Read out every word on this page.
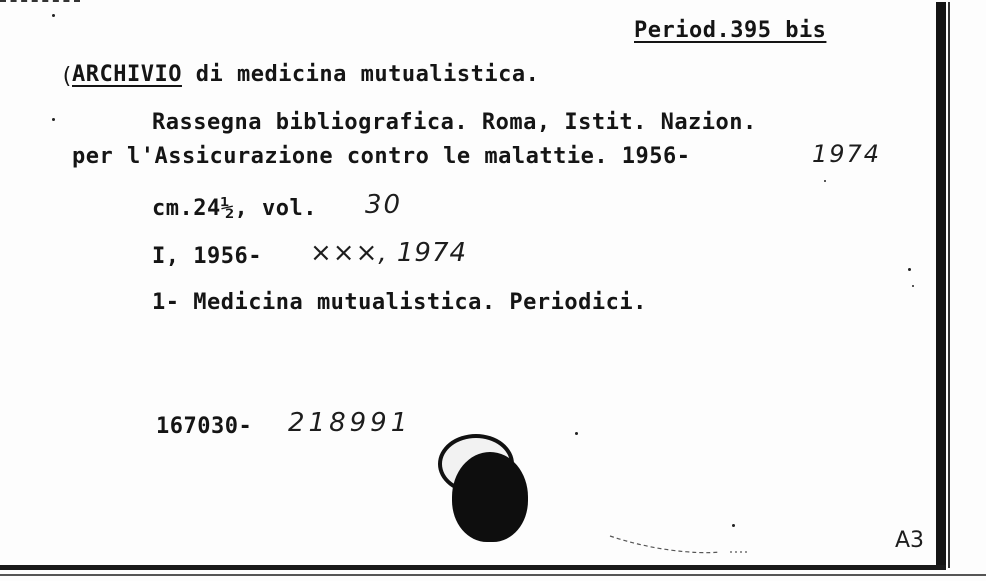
Period.395 bis
(
ARCHIVIO di medicina mutualistica.
Rassegna bibliografica. Roma, Istit. Nazion.
per l'Assicurazione contro le malattie. 1956-	1974
cm.24½, vol. 30
I, 1956- ×××, 1974
1- Medicina mutualistica. Periodici.
167030- 218991
A3
